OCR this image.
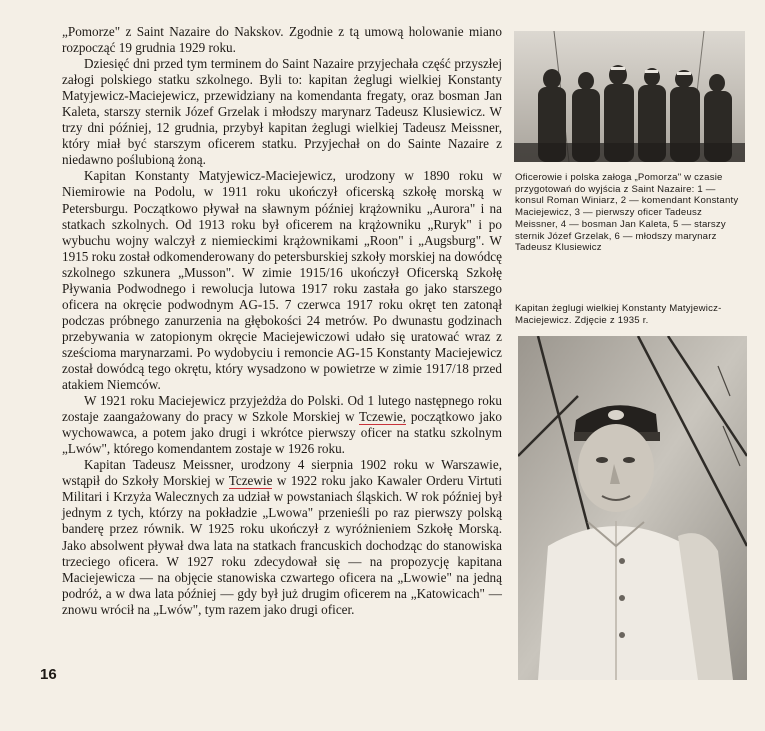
„Pomorze" z Saint Nazaire do Nakskov. Zgodnie z tą umową holowanie miano rozpocząć 19 grudnia 1929 roku.

Dziesięć dni przed tym terminem do Saint Nazaire przyjechała część przyszłej załogi polskiego statku szkolnego. Byli to: kapitan żeglugi wielkiej Konstanty Matyjewicz-Maciejewicz, przewidziany na komendanta fregaty, oraz bosman Jan Kaleta, starszy sternik Józef Grzelak i młodszy marynarz Tadeusz Klusiewicz. W trzy dni później, 12 grudnia, przybył kapitan żeglugi wielkiej Tadeusz Meissner, który miał być starszym oficerem statku. Przyjechał on do Sainte Nazaire z niedawno poślubioną żoną.

Kapitan Konstanty Matyjewicz-Maciejewicz, urodzony w 1890 roku w Niemirowie na Podolu, w 1911 roku ukończył oficerską szkołę morską w Petersburgu. Początkowo pływał na sławnym później krążowniku „Aurora" i na statkach szkolnych. Od 1913 roku był oficerem na krążowniku „Ruryk" i po wybuchu wojny walczył z niemieckimi krążownikami „Roon" i „Augsburg". W 1915 roku został odkomenderowany do petersburskiej szkoły morskiej na dowódcę szkolnego szkunera „Musson". W zimie 1915/16 ukończył Oficerską Szkołę Pływania Podwodnego i rewolucja lutowa 1917 roku zastała go jako starszego oficera na okręcie podwodnym AG-15. 7 czerwca 1917 roku okręt ten zatonął podczas próbnego zanurzenia na głębokości 24 metrów. Po dwunastu godzinach przebywania w zatopionym okręcie Maciejewiczowi udało się uratować wraz z sześcioma marynarzami. Po wydobyciu i remoncie AG-15 Konstanty Maciejewicz został dowódcą tego okrętu, który wysadzono w powietrze w zimie 1917/18 przed atakiem Niemców.

W 1921 roku Maciejewicz przyjeżdża do Polski. Od 1 lutego następnego roku zostaje zaangażowany do pracy w Szkole Morskiej w Tczewie, początkowo jako wychowawca, a potem jako drugi i wkrótce pierwszy oficer na statku szkolnym „Lwów", którego komendantem zostaje w 1926 roku.

Kapitan Tadeusz Meissner, urodzony 4 sierpnia 1902 roku w Warszawie, wstąpił do Szkoły Morskiej w Tczewie w 1922 roku jako Kawaler Orderu Virtuti Militari i Krzyża Walecznych za udział w powstaniach śląskich. W rok później był jednym z tych, którzy na pokładzie „Lwowa" przenieśli po raz pierwszy polską banderę przez równik. W 1925 roku ukończył z wyróżnieniem Szkołę Morską. Jako absolwent pływał dwa lata na statkach francuskich dochodząc do stanowiska trzeciego oficera. W 1927 roku zdecydował się — na propozycję kapitana Maciejewicza — na objęcie stanowiska czwartego oficera na „Lwowie" na jedną podróż, a w dwa lata później — gdy był już drugim oficerem na „Katowicach" — znowu wrócił na „Lwów", tym razem jako drugi oficer.

16
Oficerowie i polska załoga „Pomorza" w czasie przygotowań do wyjścia z Saint Nazaire: 1 — konsul Roman Winiarz, 2 — komendant Konstanty Maciejewicz, 3 — pierwszy oficer Tadeusz Meissner, 4 — bosman Jan Kaleta, 5 — starszy sternik Józef Grzelak, 6 — młodszy marynarz Tadeusz Klusiewicz
Kapitan żeglugi wielkiej Konstanty Matyjewicz-Maciejewicz. Zdjęcie z 1935 r.
